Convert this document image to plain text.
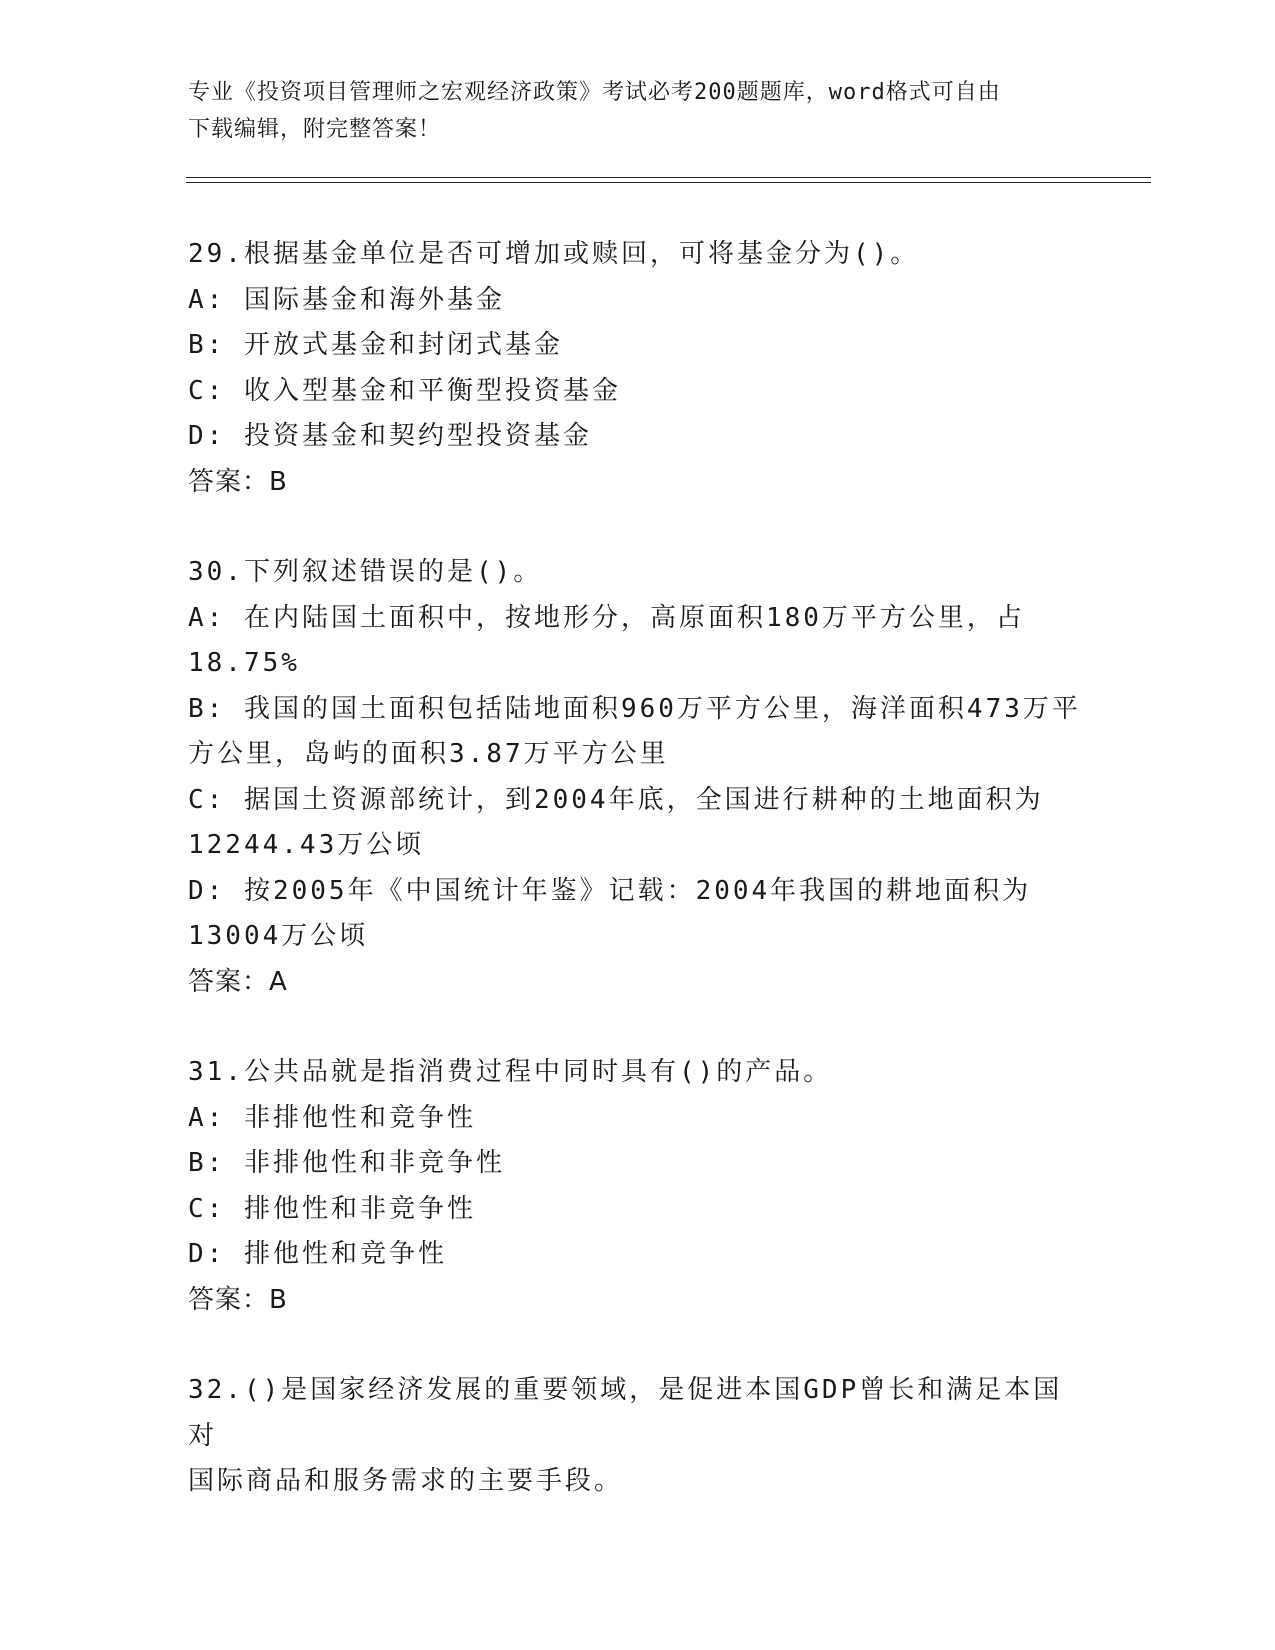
专业《投资项目管理师之宏观经济政策》考试必考200题题库，word格式可自由
下载编辑，附完整答案！
29.根据基金单位是否可增加或赎回，可将基金分为()。
A: 国际基金和海外基金
B: 开放式基金和封闭式基金
C: 收入型基金和平衡型投资基金
D: 投资基金和契约型投资基金
答案：B
30.下列叙述错误的是()。
A: 在内陆国土面积中，按地形分，高原面积180万平方公里，占
18.75%
B: 我国的国土面积包括陆地面积960万平方公里，海洋面积473万平
方公里，岛屿的面积3.87万平方公里
C: 据国土资源部统计，到2004年底，全国进行耕种的土地面积为
12244.43万公顷
D: 按2005年《中国统计年鉴》记载：2004年我国的耕地面积为
13004万公顷
答案：A
31.公共品就是指消费过程中同时具有()的产品。
A: 非排他性和竞争性
B: 非排他性和非竞争性
C: 排他性和非竞争性
D: 排他性和竞争性
答案：B
32.()是国家经济发展的重要领域，是促进本国GDP曾长和满足本国对
国际商品和服务需求的主要手段。
